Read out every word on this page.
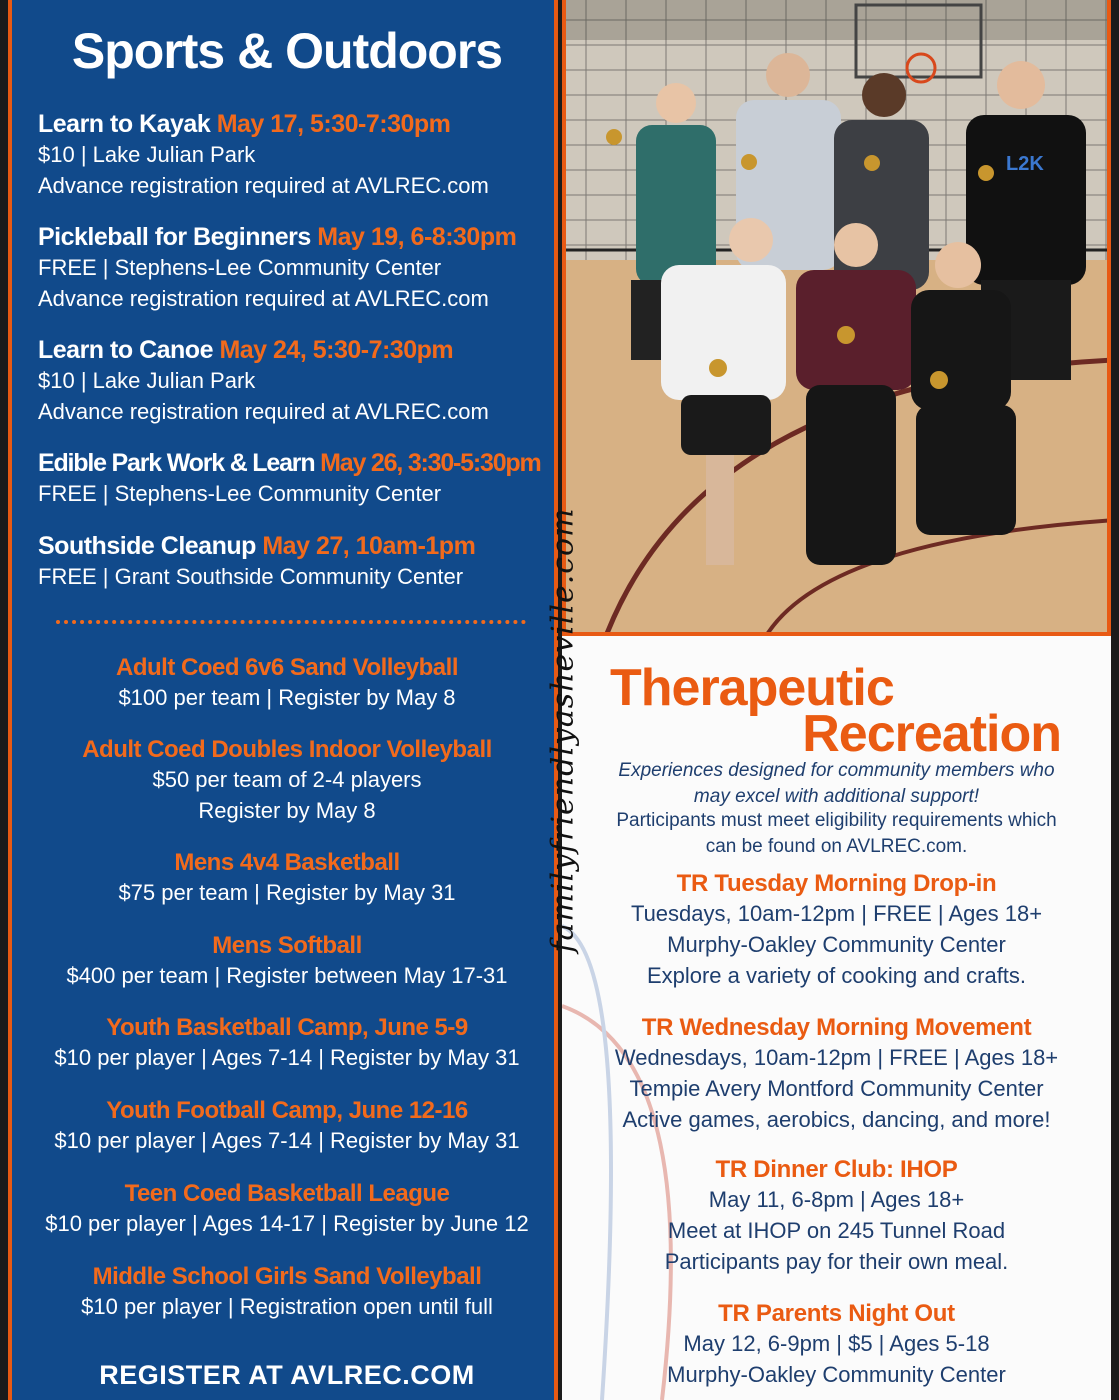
Sports & Outdoors
Learn to Kayak May 17, 5:30-7:30pm
$10 | Lake Julian Park
Advance registration required at AVLREC.com
Pickleball for Beginners May 19, 6-8:30pm
FREE | Stephens-Lee Community Center
Advance registration required at AVLREC.com
Learn to Canoe May 24, 5:30-7:30pm
$10 | Lake Julian Park
Advance registration required at AVLREC.com
Edible Park Work & Learn May 26, 3:30-5:30pm
FREE | Stephens-Lee Community Center
Southside Cleanup May 27, 10am-1pm
FREE | Grant Southside Community Center
Adult Coed 6v6 Sand Volleyball
$100 per team | Register by May 8
Adult Coed Doubles Indoor Volleyball
$50 per team of 2-4 players
Register by May 8
Mens 4v4 Basketball
$75 per team | Register by May 31
Mens Softball
$400 per team | Register between May 17-31
Youth Basketball Camp, June 5-9
$10 per player | Ages 7-14 | Register by May 31
Youth Football Camp, June 12-16
$10 per player | Ages 7-14 | Register by May 31
Teen Coed Basketball League
$10 per player | Ages 14-17 | Register by June 12
Middle School Girls Sand Volleyball
$10 per player | Registration open until full
REGISTER AT AVLREC.COM
L2K
Therapeutic
Recreation
Experiences designed for community members who
may excel with additional support!
Participants must meet eligibility requirements which
can be found on AVLREC.com.
TR Tuesday Morning Drop-in
Tuesdays, 10am-12pm | FREE | Ages 18+
Murphy-Oakley Community Center
Explore a variety of cooking and crafts.
TR Wednesday Morning Movement
Wednesdays, 10am-12pm | FREE | Ages 18+
Tempie Avery Montford Community Center
Active games, aerobics, dancing, and more!
TR Dinner Club: IHOP
May 11, 6-8pm | Ages 18+
Meet at IHOP on 245 Tunnel Road
Participants pay for their own meal.
TR Parents Night Out
May 12, 6-9pm | $5 | Ages 5-18
Murphy-Oakley Community Center
familyfriendlyasheville.com
